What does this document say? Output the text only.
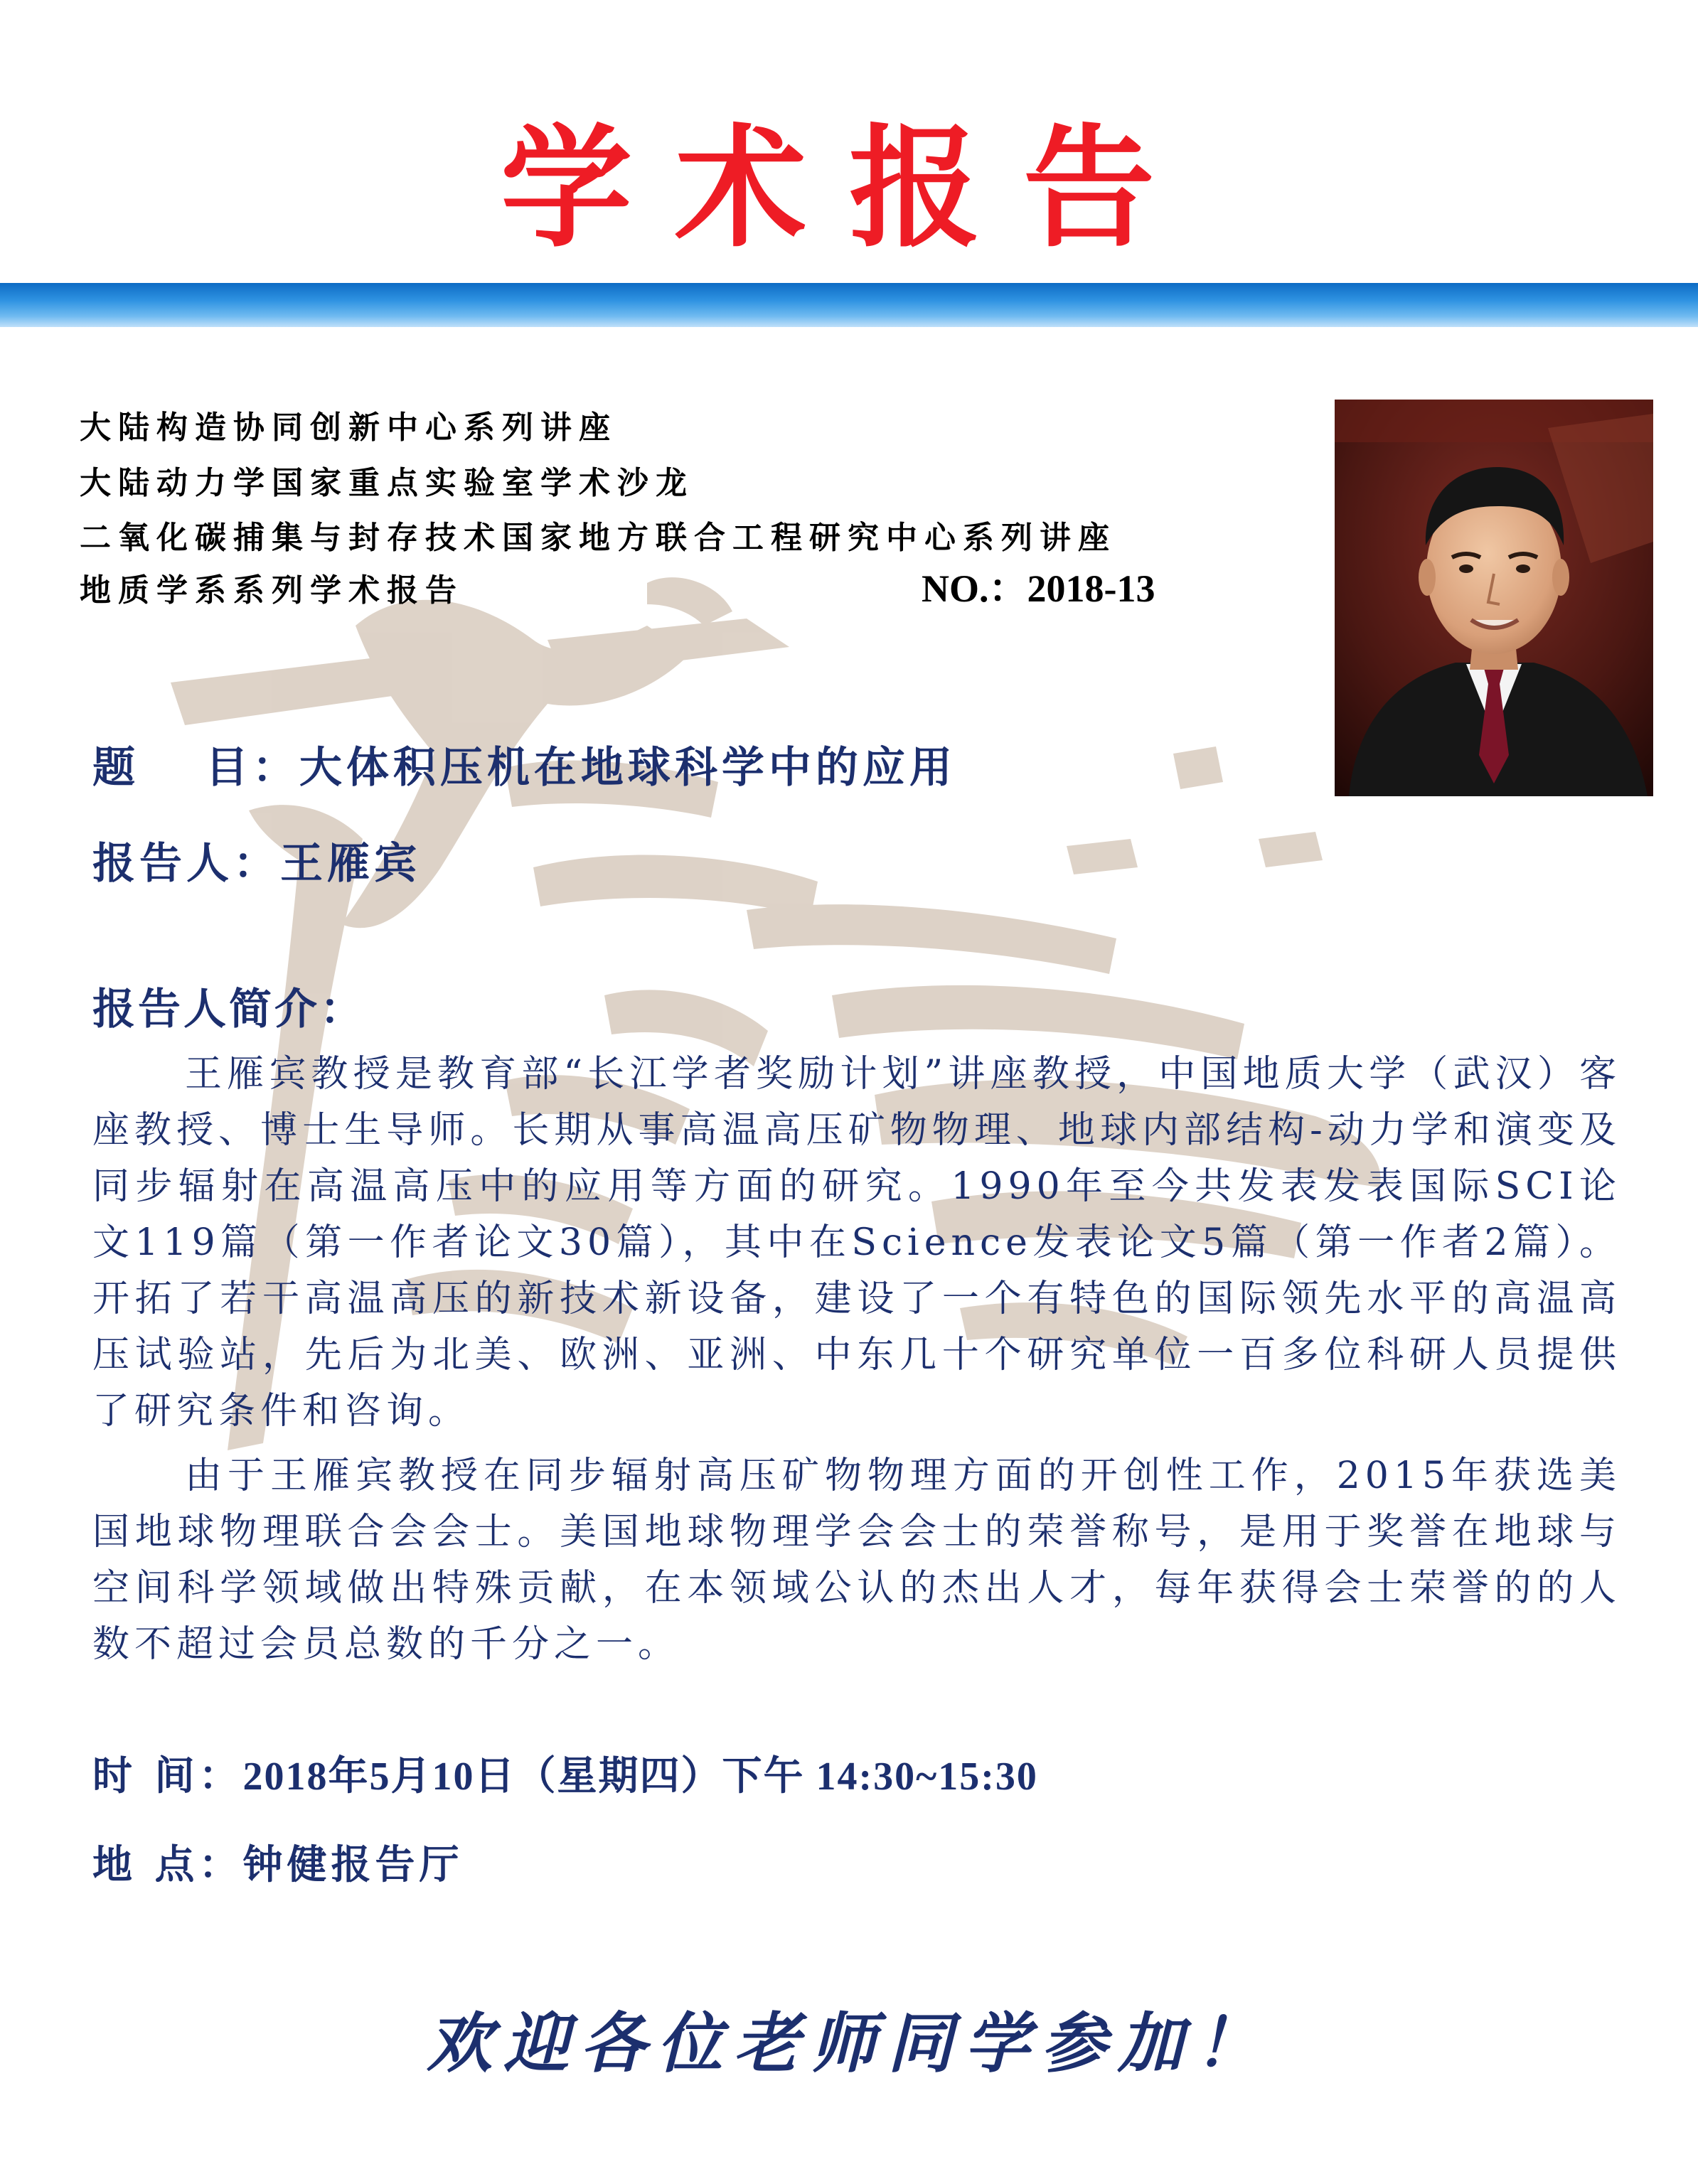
学术报告
大陆构造协同创新中心系列讲座
大陆动力学国家重点实验室学术沙龙
二氧化碳捕集与封存技术国家地方联合工程研究中心系列讲座
地质学系系列学术报告	NO.：2018-13
题　 目：大体积压机在地球科学中的应用
报告人：王雁宾
报告人简介：

王雁宾教授是教育部“长江学者奖励计划”讲座教授，中国地质大学（武汉）客座教授、博士生导师。长期从事高温高压矿物物理、地球内部结构-动力学和演变及同步辐射在高温高压中的应用等方面的研究。1990年至今共发表发表国际SCI论文119篇（第一作者论文30篇），其中在Science发表论文5篇（第一作者2篇）。开拓了若干高温高压的新技术新设备，建设了一个有特色的国际领先水平的高温高压试验站，先后为北美、欧洲、亚洲、中东几十个研究单位一百多位科研人员提供了研究条件和咨询。

由于王雁宾教授在同步辐射高压矿物物理方面的开创性工作，2015年获选美国地球物理联合会会士。美国地球物理学会会士的荣誉称号，是用于奖誉在地球与空间科学领域做出特殊贡献，在本领域公认的杰出人才，每年获得会士荣誉的的人数不超过会员总数的千分之一。

时 间：2018年5月10日（星期四）下午 14:30~15:30
地 点：钟健报告厅
欢迎各位老师同学参加！
